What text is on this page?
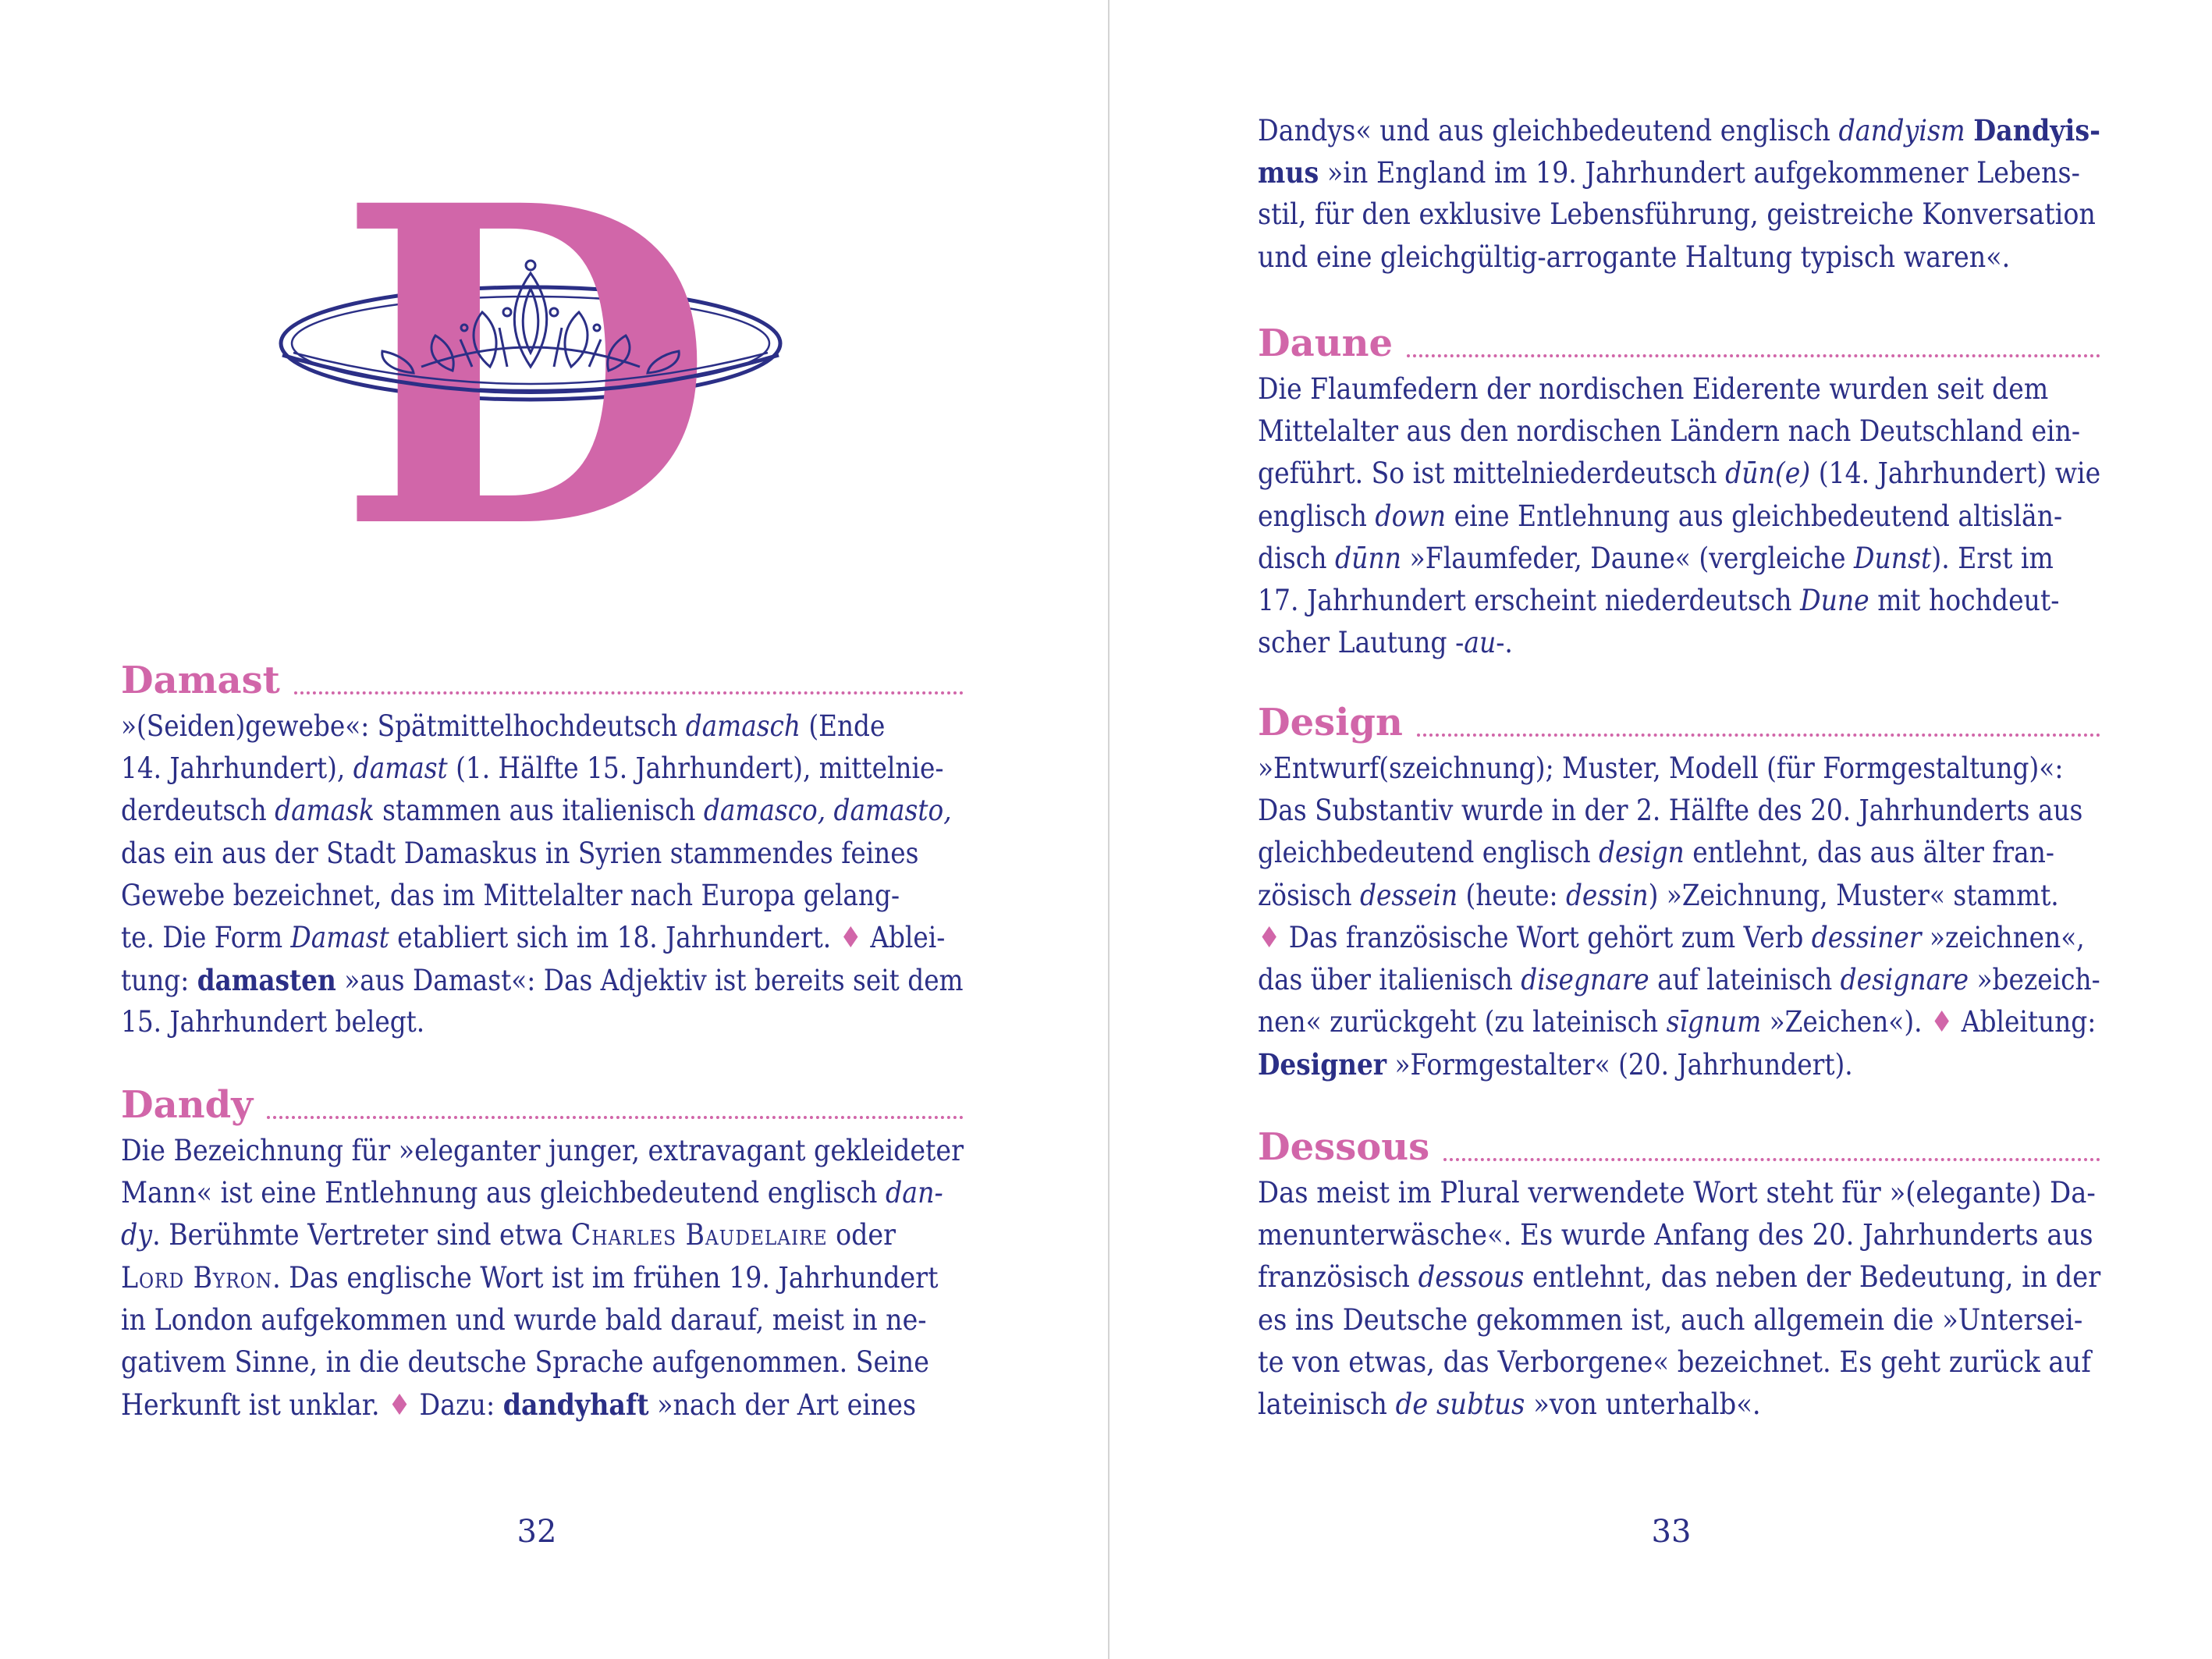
D
Damast
»(Seiden)gewebe«: Spätmittelhochdeutsch damasch (Ende
14. Jahrhundert), damast (1. Hälfte 15. Jahrhundert), mittelnie-
derdeutsch damask stammen aus italienisch damasco, damasto,
das ein aus der Stadt Damaskus in Syrien stammendes feines
Gewebe bezeichnet, das im Mittelalter nach Europa gelang-
te. Die Form Damast etabliert sich im 18. Jahrhundert. ♦ Ablei-
tung: damasten »aus Damast«: Das Adjektiv ist bereits seit dem
15. Jahrhundert belegt.
Dandy
Die Bezeichnung für »eleganter junger, extravagant gekleideter
Mann« ist eine Entlehnung aus gleichbedeutend englisch dan-
dy. Berühmte Vertreter sind etwa Charles Baudelaire oder
Lord Byron. Das englische Wort ist im frühen 19. Jahrhundert
in London aufgekommen und wurde bald darauf, meist in ne-
gativem Sinne, in die deutsche Sprache aufgenommen. Seine
Herkunft ist unklar. ♦ Dazu: dandyhaft »nach der Art eines
32
Dandys« und aus gleichbedeutend englisch dandyism Dandyis-
mus »in England im 19. Jahrhundert aufgekommener Lebens-
stil, für den exklusive Lebensführung, geistreiche Konversation
und eine gleichgültig-arrogante Haltung typisch waren«.
Daune
Die Flaumfedern der nordischen Eiderente wurden seit dem
Mittelalter aus den nordischen Ländern nach Deutschland ein-
geführt. So ist mittelniederdeutsch dūn(e) (14. Jahrhundert) wie
englisch down eine Entlehnung aus gleichbedeutend altislän-
disch dūnn »Flaumfeder, Daune« (vergleiche Dunst). Erst im
17. Jahrhundert erscheint niederdeutsch Dune mit hochdeut-
scher Lautung -au-.
Design
»Entwurf(szeichnung); Muster, Modell (für Formgestaltung)«:
Das Substantiv wurde in der 2. Hälfte des 20. Jahrhunderts aus
gleichbedeutend englisch design entlehnt, das aus älter fran-
zösisch dessein (heute: dessin) »Zeichnung, Muster« stammt.
♦ Das französische Wort gehört zum Verb dessiner »zeichnen«,
das über italienisch disegnare auf lateinisch designare »bezeich-
nen« zurückgeht (zu lateinisch sīgnum »Zeichen«). ♦ Ableitung:
Designer »Formgestalter« (20. Jahrhundert).
Dessous
Das meist im Plural verwendete Wort steht für »(elegante) Da-
menunterwäsche«. Es wurde Anfang des 20. Jahrhunderts aus
französisch dessous entlehnt, das neben der Bedeutung, in der
es ins Deutsche gekommen ist, auch allgemein die »Untersei-
te von etwas, das Verborgene« bezeichnet. Es geht zurück auf
lateinisch de subtus »von unterhalb«.
33
